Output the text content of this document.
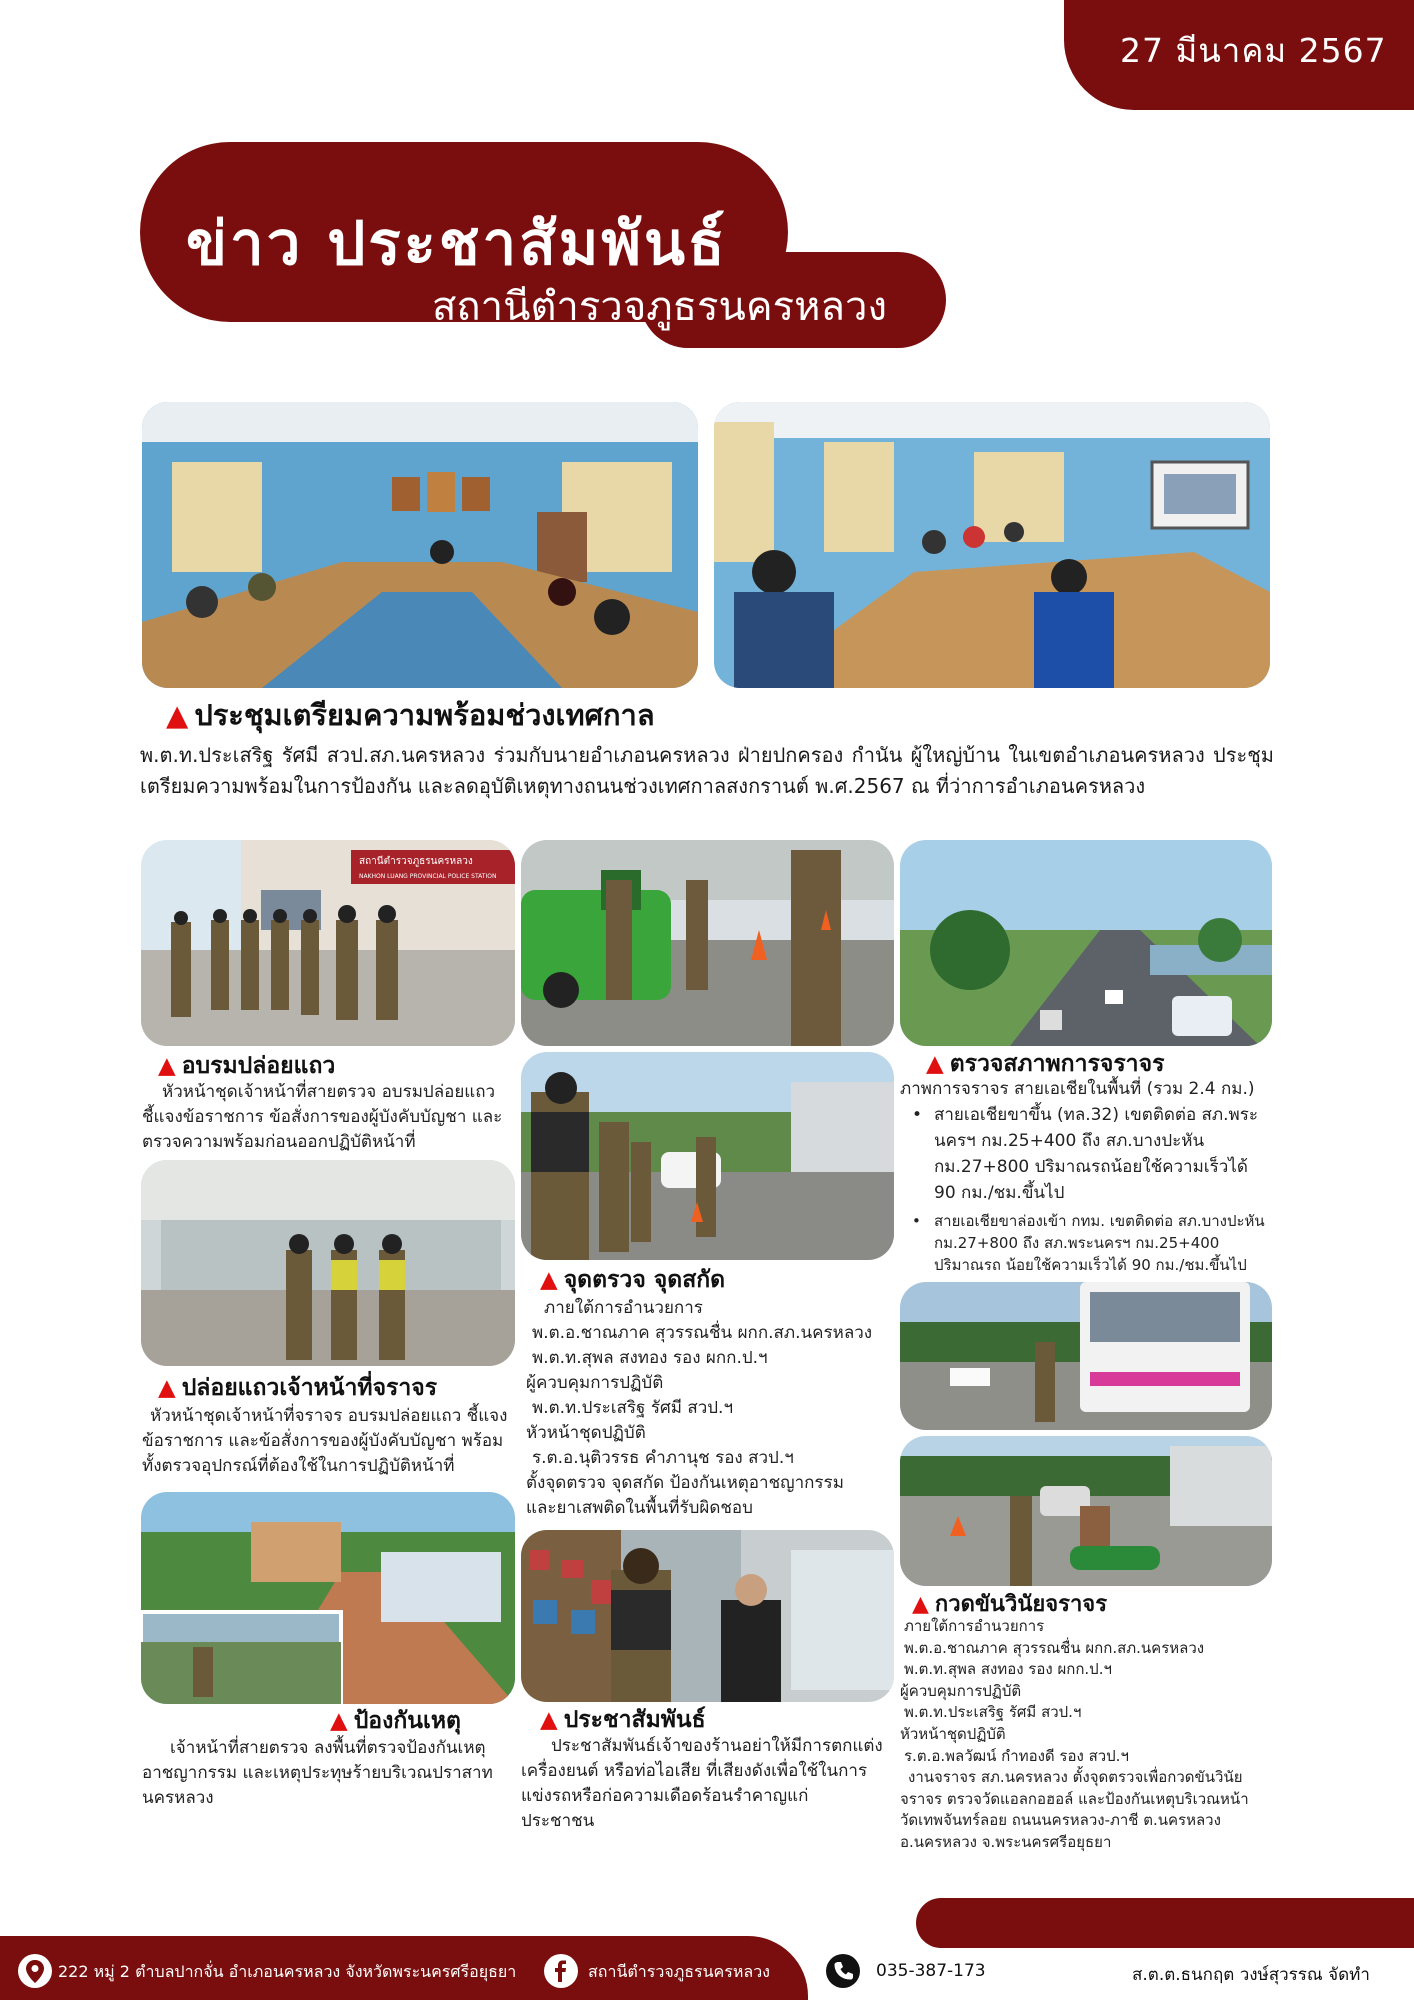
27 มีนาคม 2567
ข่าว ประชาสัมพันธ์
สถานีตำรวจภูธรนครหลวง
▲ ประชุมเตรียมความพร้อมช่วงเทศกาล
พ.ต.ท.ประเสริฐ รัศมี สวป.สภ.นครหลวง ร่วมกับนายอำเภอนครหลวง ฝ่ายปกครอง กำนัน ผู้ใหญ่บ้าน ในเขตอำเภอนครหลวง ประชุมเตรียมความพร้อมในการป้องกัน และลดอุบัติเหตุทางถนนช่วงเทศกาลสงกรานต์ พ.ศ.2567 ณ ที่ว่าการอำเภอนครหลวง
สถานีตำรวจภูธรนครหลวง
NAKHON LUANG PROVINCIAL POLICE STATION
▲ อบรมปล่อยแถว

หัวหน้าชุดเจ้าหน้าที่สายตรวจ อบรมปล่อยแถว

ชี้แจงข้อราชการ ข้อสั่งการของผู้บังคับบัญชา และ

ตรวจความพร้อมก่อนออกปฏิบัติหน้าที่

▲ ปล่อยแถวเจ้าหน้าที่จราจร

หัวหน้าชุดเจ้าหน้าที่จราจร อบรมปล่อยแถว ชี้แจง

ข้อราชการ และข้อสั่งการของผู้บังคับบัญชา พร้อม

ทั้งตรวจอุปกรณ์ที่ต้องใช้ในการปฏิบัติหน้าที่

▲ ป้องกันเหตุ

เจ้าหน้าที่สายตรวจ ลงพื้นที่ตรวจป้องกันเหตุ

อาชญากรรม และเหตุประทุษร้ายบริเวณปราสาท

นครหลวง

▲ จุดตรวจ จุดสกัด

ภายใต้การอำนวยการ

พ.ต.อ.ชาณภาค สุวรรณชื่น ผกก.สภ.นครหลวง

พ.ต.ท.สุพล สงทอง รอง ผกก.ป.ฯ

ผู้ควบคุมการปฏิบัติ

พ.ต.ท.ประเสริฐ รัศมี สวป.ฯ

หัวหน้าชุดปฏิบัติ

ร.ต.อ.นุติวรรธ คำภานุช รอง สวป.ฯ

ตั้งจุดตรวจ จุดสกัด ป้องกันเหตุอาชญากรรม

และยาเสพติดในพื้นที่รับผิดชอบ

▲ ประชาสัมพันธ์

ประชาสัมพันธ์เจ้าของร้านอย่าให้มีการตกแต่ง

เครื่องยนต์ หรือท่อไอเสีย ที่เสียงดังเพื่อใช้ในการ

แข่งรถหรือก่อความเดือดร้อนรำคาญแก่

ประชาชน

▲ ตรวจสภาพการจราจร

ภาพการจราจร สายเอเชียในพื้นที่ (รวม 2.4 กม.)

• สายเอเชียขาขึ้น (ทล.32) เขตติดต่อ สภ.พระ

นครฯ กม.25+400 ถึง สภ.บางปะหัน

กม.27+800 ปริมาณรถน้อยใช้ความเร็วได้

90 กม./ชม.ขึ้นไป

• สายเอเชียขาล่องเข้า กทม. เขตติดต่อ สภ.บางปะหัน

กม.27+800 ถึง สภ.พระนครฯ กม.25+400

ปริมาณรถ น้อยใช้ความเร็วได้ 90 กม./ชม.ขึ้นไป

▲ กวดขันวินัยจราจร

ภายใต้การอำนวยการ

พ.ต.อ.ชาณภาค สุวรรณชื่น ผกก.สภ.นครหลวง

พ.ต.ท.สุพล สงทอง รอง ผกก.ป.ฯ

ผู้ควบคุมการปฏิบัติ

พ.ต.ท.ประเสริฐ รัศมี สวป.ฯ

หัวหน้าชุดปฏิบัติ

ร.ต.อ.พลวัฒน์ กำทองดี รอง สวป.ฯ

งานจราจร สภ.นครหลวง ตั้งจุดตรวจเพื่อกวดขันวินัย

จราจร ตรวจวัดแอลกอฮอล์ และป้องกันเหตุบริเวณหน้า

วัดเทพจันทร์ลอย ถนนนครหลวง-ภาชี ต.นครหลวง

อ.นครหลวง จ.พระนครศรีอยุธยา

222 หมู่ 2 ตำบลปากจั่น อำเภอนครหลวง จังหวัดพระนครศรีอยุธยา	สถานีตำรวจภูธรนครหลวง	035-387-173	ส.ต.ต.ธนกฤต วงษ์สุวรรณ จัดทำ
